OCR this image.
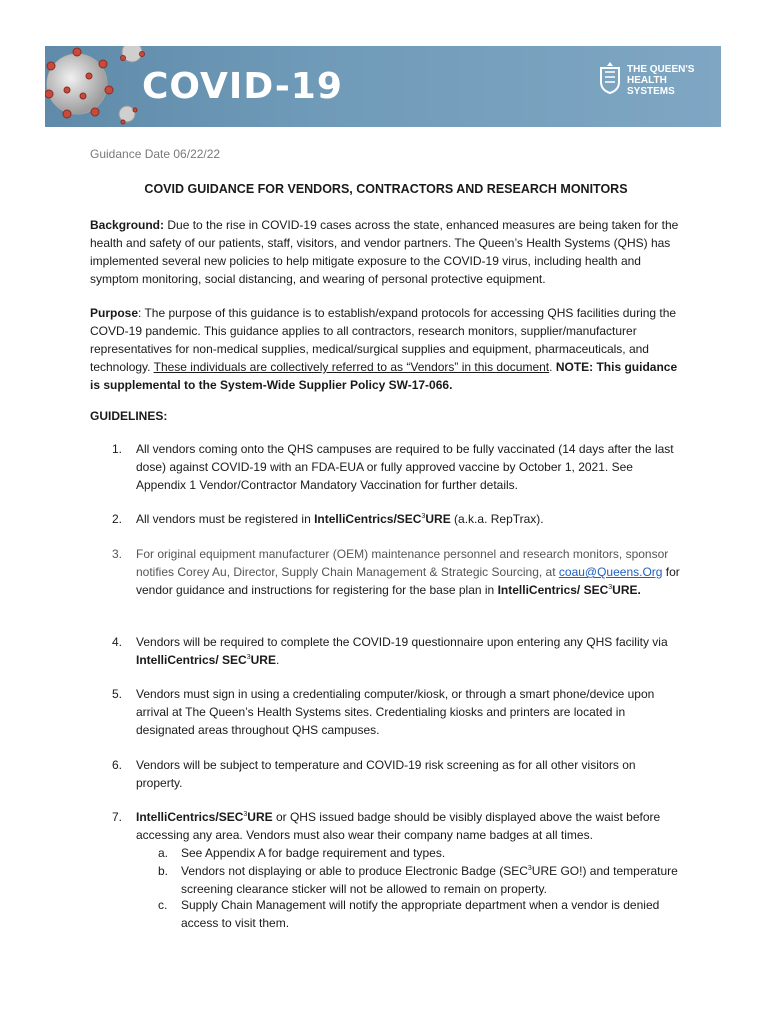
COVID-19	THE QUEEN'S
HEALTH SYSTEMS
Guidance Date 06/22/22
COVID GUIDANCE FOR VENDORS, CONTRACTORS AND RESEARCH MONITORS
Background: Due to the rise in COVID-19 cases across the state, enhanced measures are being taken for the health and safety of our patients, staff, visitors, and vendor partners. The Queen’s Health Systems (QHS) has implemented several new policies to help mitigate exposure to the COVID-19 virus, including health and symptom monitoring, social distancing, and wearing of personal protective equipment.
Purpose: The purpose of this guidance is to establish/expand protocols for accessing QHS facilities during the COVD-19 pandemic. This guidance applies to all contractors, research monitors, supplier/manufacturer representatives for non-medical supplies, medical/surgical supplies and equipment, pharmaceuticals, and technology. These individuals are collectively referred to as “Vendors” in this document. NOTE: This guidance is supplemental to the System-Wide Supplier Policy SW-17-066.
GUIDELINES:
1. All vendors coming onto the QHS campuses are required to be fully vaccinated (14 days after the last dose) against COVID-19 with an FDA-EUA or fully approved vaccine by October 1, 2021. See Appendix 1 Vendor/Contractor Mandatory Vaccination for further details.
2. All vendors must be registered in IntelliCentrics/SEC$^3$URE (a.k.a. RepTrax).
3. For original equipment manufacturer (OEM) maintenance personnel and research monitors, sponsor notifies Corey Au, Director, Supply Chain Management & Strategic Sourcing, at coau@Queens.Org for vendor guidance and instructions for registering for the base plan in IntelliCentrics/ SEC$^3$URE.
4. Vendors will be required to complete the COVID-19 questionnaire upon entering any QHS facility via IntelliCentrics/ SEC$^3$URE.
5. Vendors must sign in using a credentialing computer/kiosk, or through a smart phone/device upon arrival at The Queen’s Health Systems sites. Credentialing kiosks and printers are located in designated areas throughout QHS campuses.
6. Vendors will be subject to temperature and COVID-19 risk screening as for all other visitors on property.
7. IntelliCentrics/SEC$^3$URE or QHS issued badge should be visibly displayed above the waist before accessing any area. Vendors must also wear their company name badges at all times.
a. See Appendix A for badge requirement and types.
b. Vendors not displaying or able to produce Electronic Badge (SEC$^3$URE GO!) and temperature screening clearance sticker will not be allowed to remain on property.
c. Supply Chain Management will notify the appropriate department when a vendor is denied access to visit them.
